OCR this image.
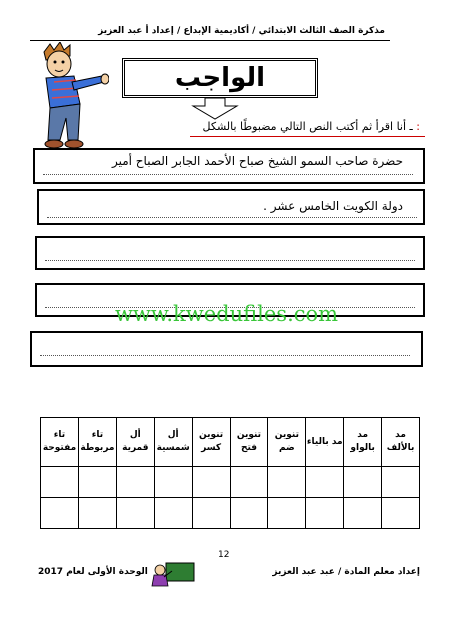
مذكرة الصف الثالث الابتدائي / أكاديمية الإبداع / إعداد أ عبد العزيز
الواجب
: ـ أنا اقرأ ثم أكتب النص التالي مضبوطًا بالشكل
حضرة صاحب السمو الشيخ صباح الأحمد الجابر الصباح أمير
دولة الكويت الخامس عشر .
www.kwedufiles.com
مد بالألف	مد بالواو	مد بالياء	تنوين ضم	تنوين فتح	تنوين كسر	أل شمسية	أل قمرية	تاء مربوطة	تاء مفتوحة

12
إعداد معلم المادة / عبد عبد العزيز
الوحدة الأولى لعام 2017
